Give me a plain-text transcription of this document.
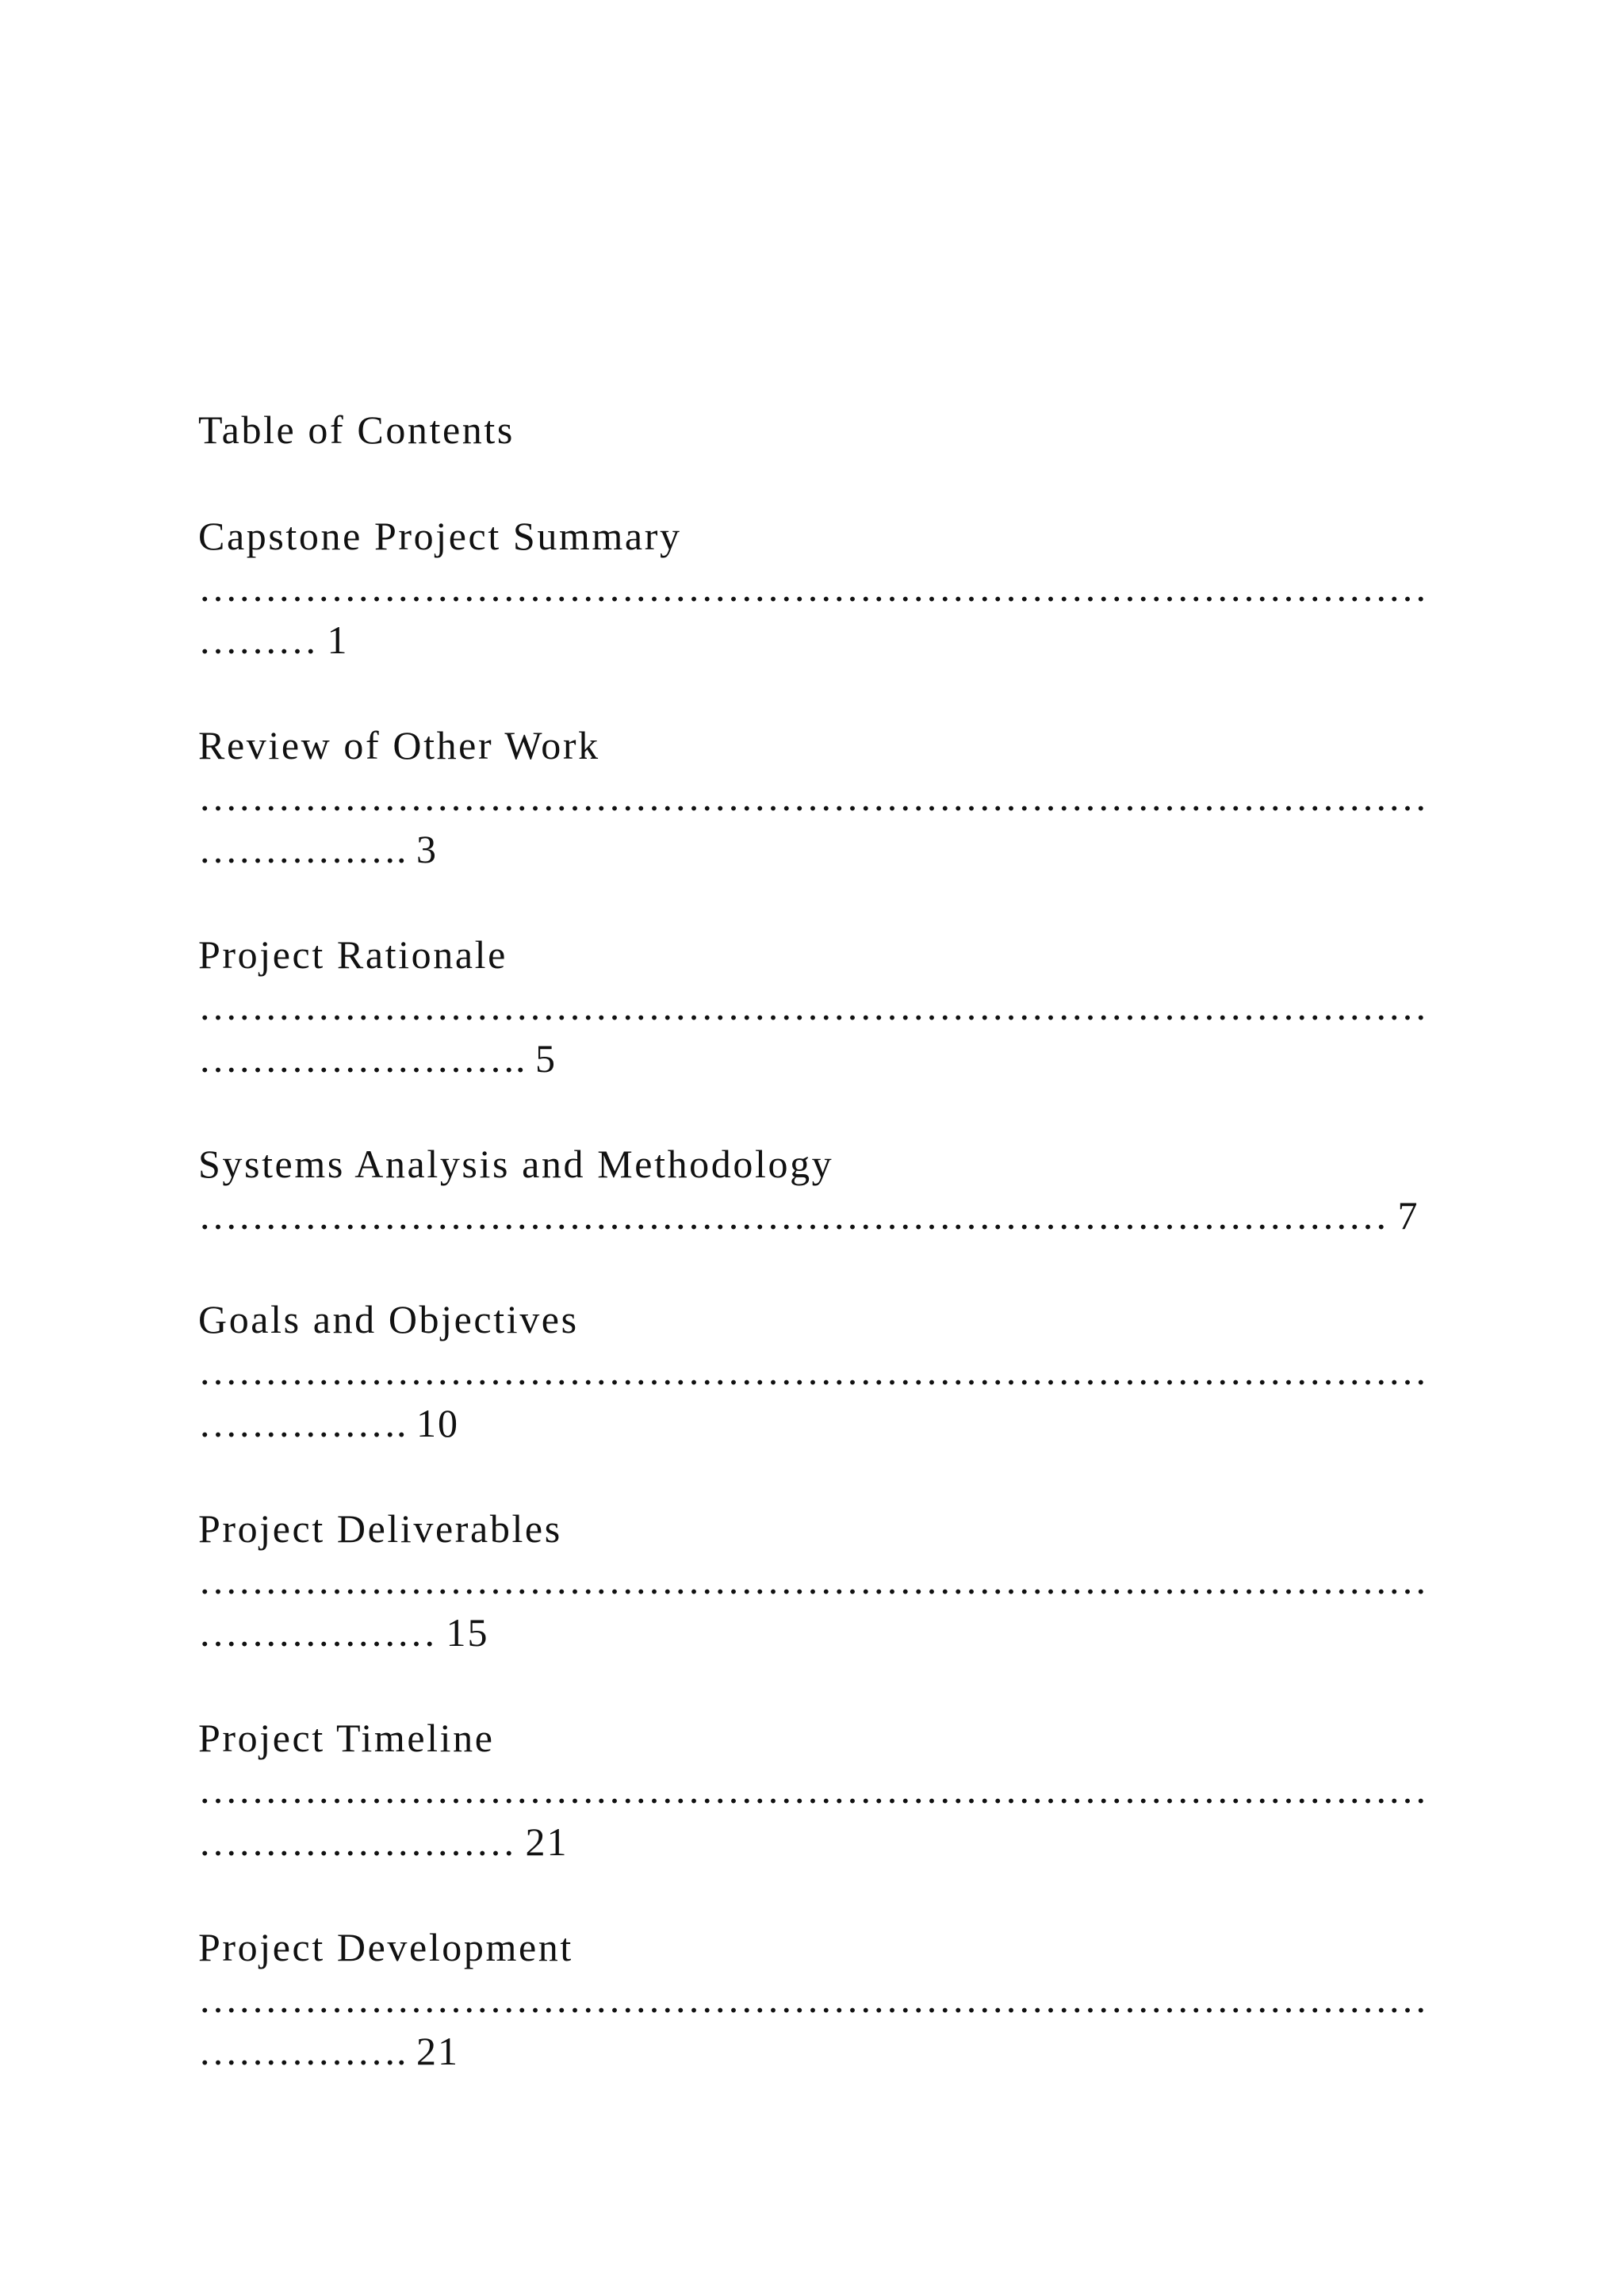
Table of Contents
Capstone Project Summary
…………………………………………………………………………………
……… 1
Review of Other Work
…………………………………………………………………………………
……………. 3
Project Rationale
…………………………………………………………………………………
……………………. 5
Systems Analysis and Methodology
……………………………………………………………………………… 7
Goals and Objectives
…………………………………………………………………………………
……………. 10
Project Deliverables
…………………………………………………………………………………
……………… 15
Project Timeline
…………………………………………………………………………………
…………………… 21
Project Development
…………………………………………………………………………………
……………. 21
